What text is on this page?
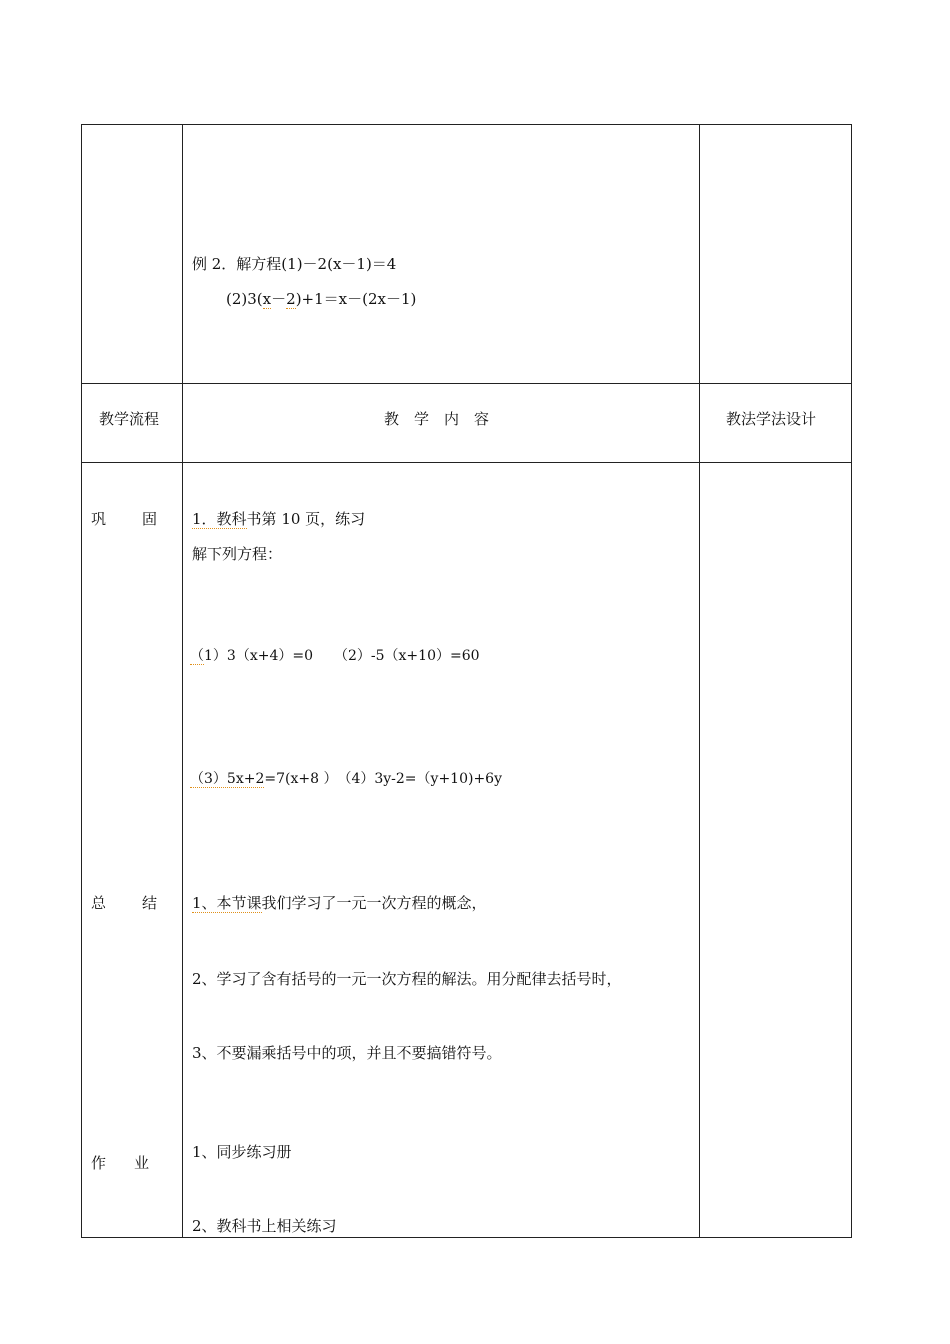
例 2．解方程(1)－2(x－1)＝4
(2)3(x－2)+1＝x－(2x－1)
教学流程	教　学　内　容	教法学法设计
巩 固
总 结
作 业
1．教科书第 10 页，练习
解下列方程：
（1）3（x+4）=0　　（2）-5（x+10）=60
（3）5x+2=7(x+8 ）　（4）3y-2=（y+10)+6y
1、本节课我们学习了一元一次方程的概念，
2、学习了含有括号的一元一次方程的解法。用分配律去括号时，
3、不要漏乘括号中的项，并且不要搞错符号。
1、同步练习册
2、教科书上相关练习
